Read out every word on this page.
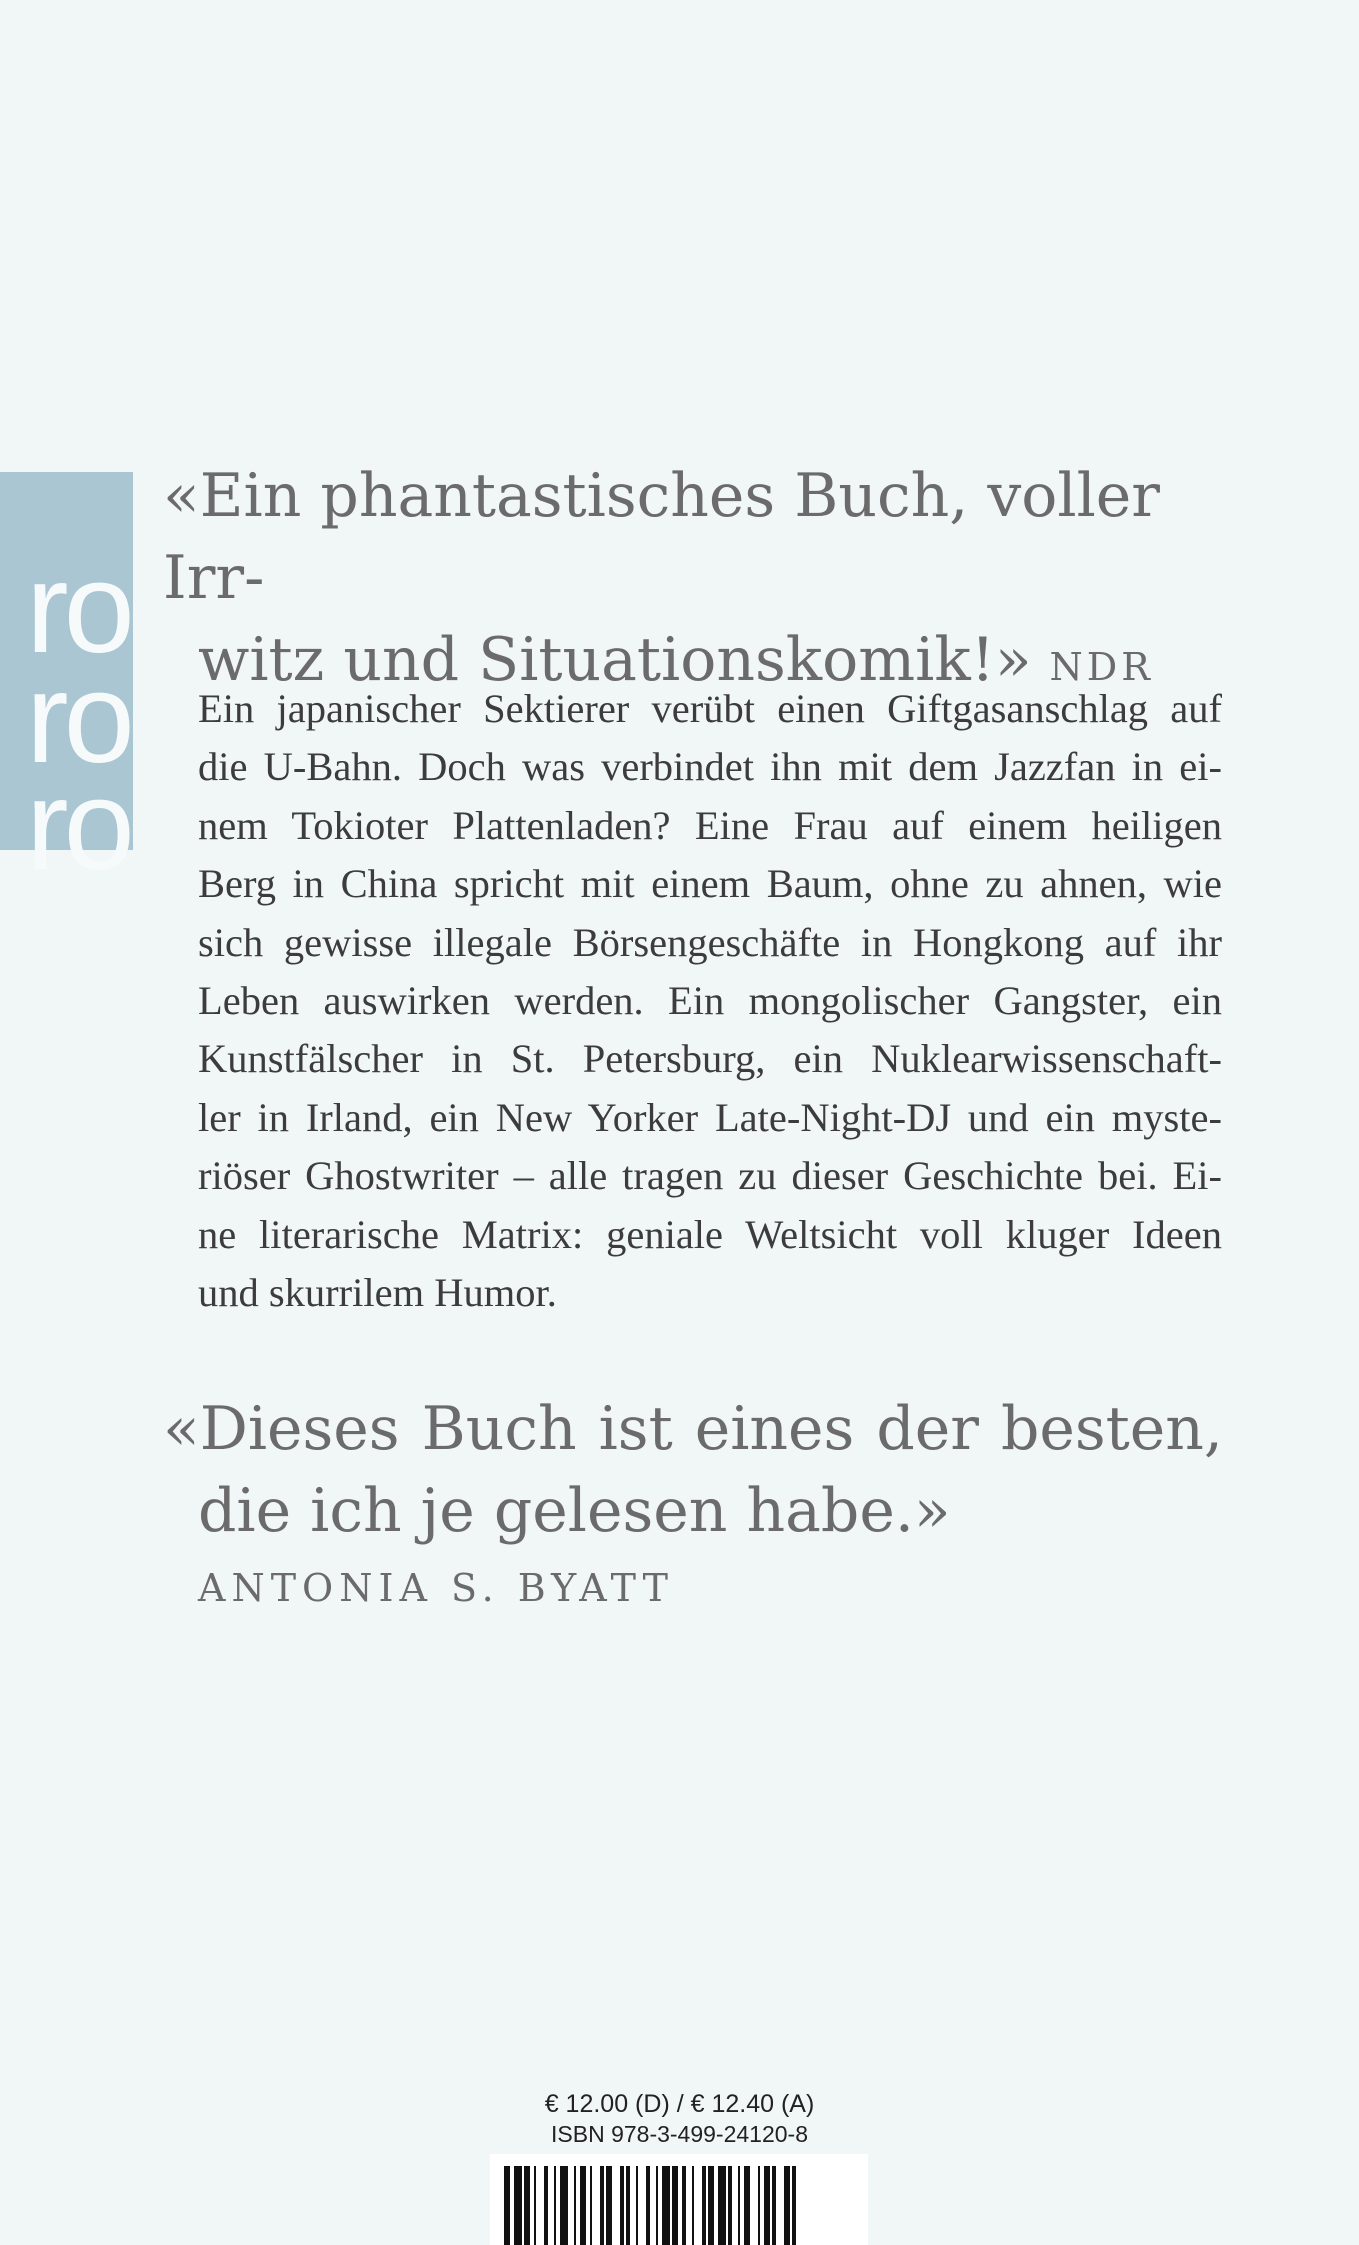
ro
ro
ro
«Ein phantastisches Buch, voller Irr-
witz und Situationskomik!» NDR

Ein japanischer Sektierer verübt einen Giftgasanschlag auf
die U-Bahn. Doch was verbindet ihn mit dem Jazzfan in ei-
nem Tokioter Plattenladen? Eine Frau auf einem heiligen
Berg in China spricht mit einem Baum, ohne zu ahnen, wie
sich gewisse illegale Börsengeschäfte in Hongkong auf ihr
Leben auswirken werden. Ein mongolischer Gangster, ein
Kunstfälscher in St. Petersburg, ein Nuklearwissenschaft-
ler in Irland, ein New Yorker Late-Night-DJ und ein myste-
riöser Ghostwriter – alle tragen zu dieser Geschichte bei. Ei-
ne literarische Matrix: geniale Weltsicht voll kluger Ideen
und skurrilem Humor.

«Dieses Buch ist eines der besten,
die ich je gelesen habe.»
ANTONIA S. BYATT
€ 12.00 (D) / € 12.40 (A)
ISBN 978-3-499-24120-8
